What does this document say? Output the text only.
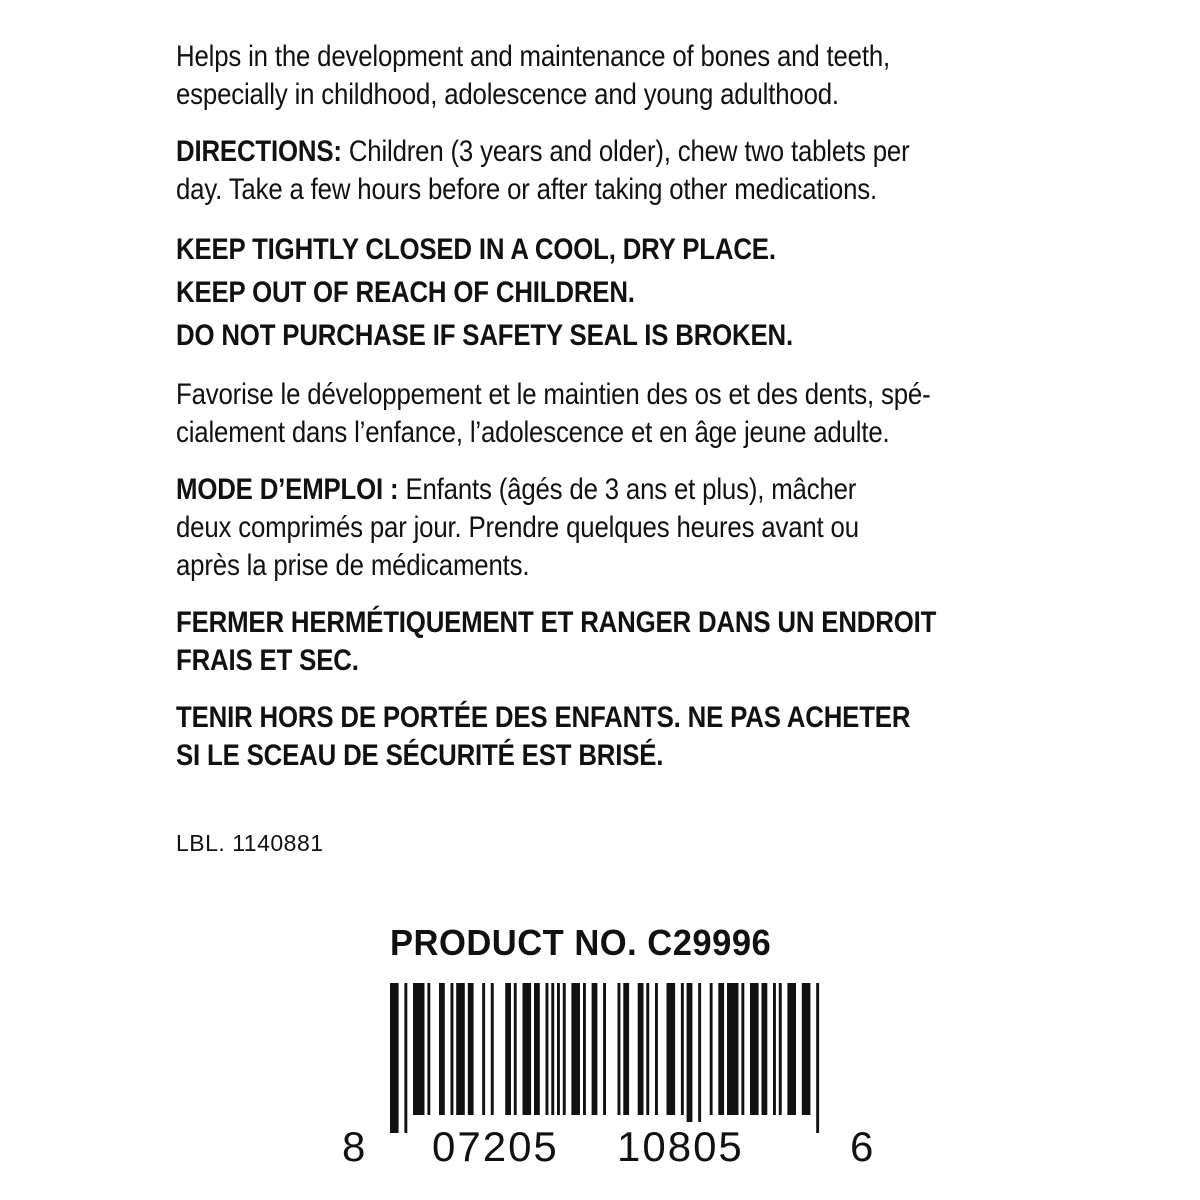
Helps in the development and maintenance of bones and teeth,

especially in childhood, adolescence and young adulthood.

DIRECTIONS: Children (3 years and older), chew two tablets per

day. Take a few hours before or after taking other medications.

KEEP TIGHTLY CLOSED IN A COOL, DRY PLACE.

KEEP OUT OF REACH OF CHILDREN.

DO NOT PURCHASE IF SAFETY SEAL IS BROKEN.

Favorise le développement et le maintien des os et des dents, spé-

cialement dans l’enfance, l’adolescence et en âge jeune adulte.

MODE D’EMPLOI : Enfants (âgés de 3 ans et plus), mâcher

deux comprimés par jour. Prendre quelques heures avant ou

après la prise de médicaments.

FERMER HERMÉTIQUEMENT ET RANGER DANS UN ENDROIT

FRAIS ET SEC.

TENIR HORS DE PORTÉE DES ENFANTS. NE PAS ACHETER

SI LE SCEAU DE SÉCURITÉ EST BRISÉ.

LBL. 1140881
PRODUCT NO. C29996
8 07205 10805	6
